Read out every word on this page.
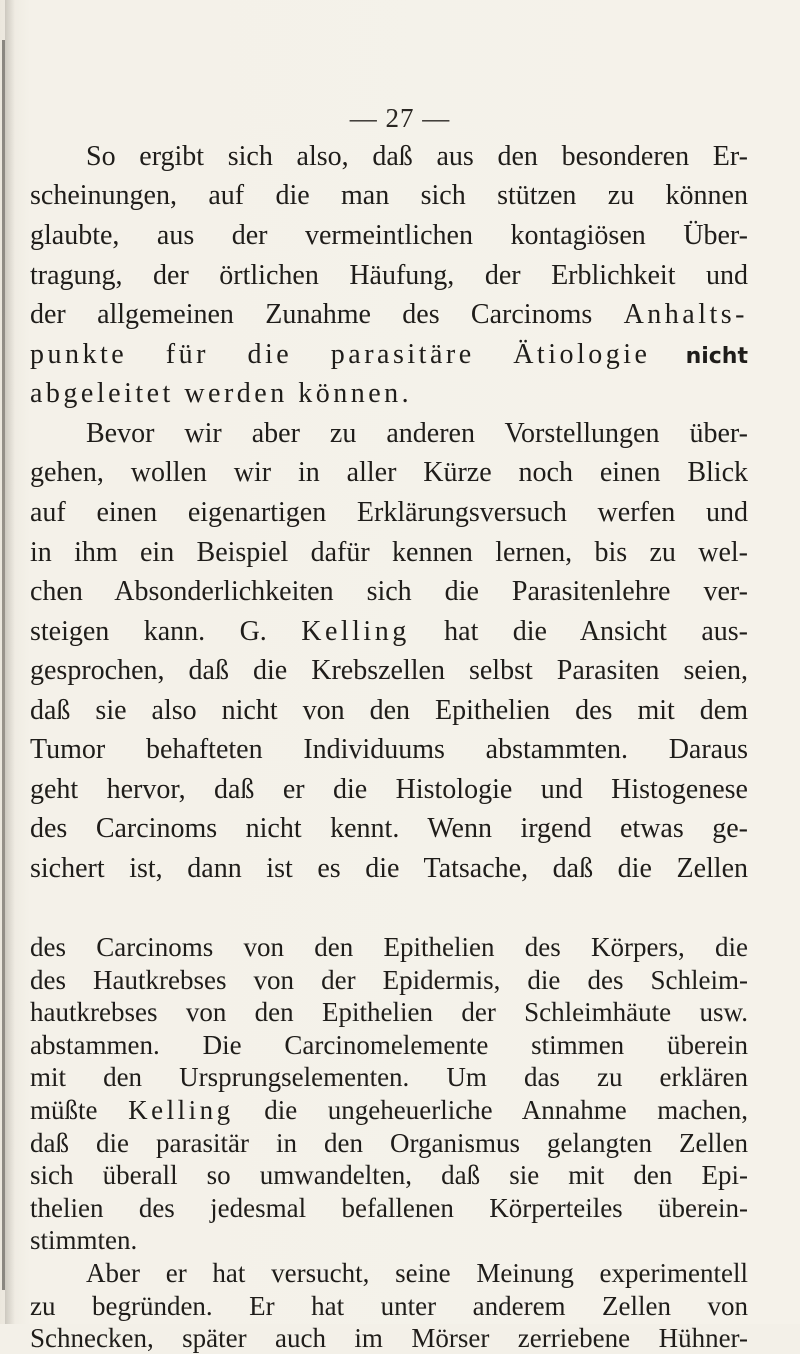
— 27 —
So ergibt sich also, daß aus den besonderen Er-
scheinungen, auf die man sich stützen zu können
glaubte, aus der vermeintlichen kontagiösen Über-
tragung, der örtlichen Häufung, der Erblichkeit und
der allgemeinen Zunahme des Carcinoms Anhalts-
punkte für die parasitäre Ätiologie nicht
abgeleitet werden können.
Bevor wir aber zu anderen Vorstellungen über-
gehen, wollen wir in aller Kürze noch einen Blick
auf einen eigenartigen Erklärungsversuch werfen und
in ihm ein Beispiel dafür kennen lernen, bis zu wel-
chen Absonderlichkeiten sich die Parasitenlehre ver-
steigen kann. G. Kelling hat die Ansicht aus-
gesprochen, daß die Krebszellen selbst Parasiten seien,
daß sie also nicht von den Epithelien des mit dem
Tumor behafteten Individuums abstammten. Daraus
geht hervor, daß er die Histologie und Histogenese
des Carcinoms nicht kennt. Wenn irgend etwas ge-
sichert ist, dann ist es die Tatsache, daß die Zellen
des Carcinoms von den Epithelien des Körpers, die
des Hautkrebses von der Epidermis, die des Schleim-
hautkrebses von den Epithelien der Schleimhäute usw.
abstammen. Die Carcinomelemente stimmen überein
mit den Ursprungselementen. Um das zu erklären
müßte Kelling die ungeheuerliche Annahme machen,
daß die parasitär in den Organismus gelangten Zellen
sich überall so umwandelten, daß sie mit den Epi-
thelien des jedesmal befallenen Körperteiles überein-
stimmten.
Aber er hat versucht, seine Meinung experimentell
zu begründen. Er hat unter anderem Zellen von
Schnecken, später auch im Mörser zerriebene Hühner-
